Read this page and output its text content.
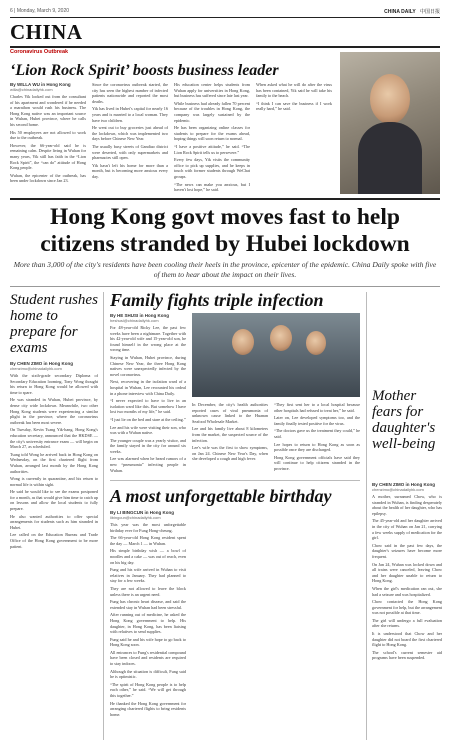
6 | Monday, March 9, 2020	CHINA DAILY 中国日报
CHINA
Coronavirus Outbreak
‘Lion Rock Spirit’ boosts business leader
By WILLA WU in Hong Kong
willa@chinadailyhk.com

Charles Yik looked out from the consultant of his apartment and wondered if he needed a marathon would rush his business. The Hong Kong native was an important source in Wuhan, Hubei province, where he calls his second home.

His 50 employees are not allowed to work due to the outbreak.

However, the 66-year-old said he is remaining calm. Despite living in Wuhan for many years, Yik still has faith in the “Lion Rock Spirit”, the “can do” attitude of Hong Kong people.

Wuhan, the epicenter of the outbreak, has been under lockdown since Jan 23.

Since the coronavirus outbreak started, the city has seen the highest number of infected patients nationwide and reported the most deaths.

Yik has lived in Hubei's capital for nearly 16 years and is married to a local woman. They have two children.

He went out to buy groceries just ahead of the lockdown, which was implemented two days before Chinese New Year.

The usually busy streets of Gandiao district were deserted, with only supermarkets and pharmacies still open.

Yik hasn't left his home for more than a month, but is becoming more anxious every day.

His education center helps students from Wuhan apply for universities in Hong Kong, but business has suffered since late last year.

While business had already fallen 70 percent because of the troubles in Hong Kong, the company was largely sustained by the epidemic.

He has been organizing online classes for students to prepare for the exams ahead, hoping things will soon return to normal.

“I have a positive attitude,” he said. “The Lion Rock Spirit tells us to persevere.”

Every few days, Yik visits the community office to pick up supplies, and he keeps in touch with former students through WeChat groups.

“The news can make you anxious, but I haven't lost hope,” he said.

When asked what he will do after the virus has been contained, Yik said he will take his family to the beach.

“I think I can save the business if I work really hard,” he said.

Hong Kong govt moves fast to help citizens stranded by Hubei lockdown
More than 3,000 of the city's residents have been cooling their heels in the province, epicenter of the epidemic. China Daily spoke with five of them to hear about the impact on their lives.
Student rushes home to prepare for exams
By CHEN ZIMO in Hong Kong
chenzimo@chinadailyhk.com

With the sixth-grade secondary Diploma of Secondary Education looming, Tony Wong thought his return to Hong Kong would be allowed with time to spare.

He was stranded in Wuhan, Hubei province, by dense city wide lockdown. Meanwhile, two other Hong Kong students were experiencing a similar plight in the province, where the coronavirus outbreak has been most severe.

On Tuesday, Kevin Tsang Yik-hang, Hong Kong's education secretary, announced that the HKDSE — the city's university entrance exam — will begin on March 27, as scheduled.

Tsang told Wong he arrived back in Hong Kong on Wednesday, on the first chartered flight from Wuhan, arranged last month by the Hong Kong authorities.

Wong is currently in quarantine, and his return to normal life is within sight.

He said he would like to see the exams postponed for a month, as that would give him time to catch up on lessons and allow the local students to fully prepare.

He also wanted authorities to offer special arrangements for students such as him stranded in Hubei.

Lee called on the Education Bureau and Trade Office of the Hong Kong government to be more patient.

Family fights triple infection
By HE SHUSI in Hong Kong
heshusi@chinadailyhk.com

For 48-year-old Ricky Lee, the past few weeks have been a nightmare. Together with his 42-year-old wife and 15-year-old son, he found himself in the wrong place at the wrong time.

Staying in Wuhan, Hubei province, during Chinese New Year, the three Hong Kong natives were unexpectedly infected by the novel coronavirus.

Next, recovering in the isolation ward of a hospital in Wuhan, Lee recounted his ordeal in a phone interview with China Daily.

“I never expected to have to live in an isolation ward like this. But somehow I have lost two months of my life,” he said.

“I just lie on the bed and stare at the ceiling.”

Lee and his wife were visiting their son, who was with a Wuhan native.

The younger couple was a yearly visitor, and the family stayed in the city for around six weeks.

Lee was alarmed when he heard rumors of a new “pneumonia” infecting people in Wuhan.

In December, the city's health authorities reported cases of viral pneumonia of unknown cause linked to the Huanan Seafood Wholesale Market.

Lee and his family live about 8 kilometers from the market, the suspected source of the infection.

Lee's wife was the first to show symptoms, on Jan 24. Chinese New Year's Day, when she developed a cough and high fever.

“They first sent her to a local hospital because other hospitals had refused to treat her,” he said.

Later on, Lee developed symptoms too, and the family finally tested positive for the virus.

“The doctors gave us the treatment they could,” he said.

Lee hopes to return to Hong Kong as soon as possible once they are discharged.

Hong Kong government officials have said they will continue to help citizens stranded in the province.

A most unforgettable birthday
By LI BINGCUN in Hong Kong
libingcun@chinadailyhk.com

This year was the most unforgettable birthday ever for Fung Hong-cheung.

The 66-year-old Hong Kong resident spent the day — March 1 — in Wuhan.

His simple birthday wish — a bowl of noodles and a cake — was out of reach, even on his big day.

Fung and his wife arrived in Wuhan to visit relatives in January. They had planned to stay for a few weeks.

They are not allowed to leave the block unless there is an urgent need.

Fung has chronic heart disease, and said the extended stay in Wuhan had been stressful.

After running out of medicine, he asked the Hong Kong government to help. His daughter, in Hong Kong, has been liaising with relatives to send supplies.

Fung said he and his wife hope to go back to Hong Kong soon.

All entrances to Fung's residential compound have been closed and residents are required to stay indoors.

Although the situation is difficult, Fung said he is optimistic.

“The spirit of Hong Kong people is to help each other,” he said. “We will get through this together.”

He thanked the Hong Kong government for arranging chartered flights to bring residents home.

Mother fears for daughter's well-being
By CHEN ZIMO in Hong Kong
chenzimo@chinadailyhk.com

A mother, surnamed Chow, who is stranded in Wuhan, is finding desperately about the health of her daughter, who has epilepsy.

The 45-year-old and her daughter arrived in the city of Wuhan on Jan 21, carrying a few weeks supply of medication for the girl.

Chow said in the past few days, the daughter's seizures have become more frequent.

On Jan 24, Wuhan was locked down and all trains were canceled, leaving Chow and her daughter unable to return to Hong Kong.

When the girl's medication ran out, she had a seizure and was hospitalized.

Chow contacted the Hong Kong government for help, but the arrangement was not possible at that time.

The girl will undergo a full evaluation after she returns.

It is understood that Chow and her daughter did not board the first chartered flight to Hong Kong.

The school's current semester aid programs have been suspended.
